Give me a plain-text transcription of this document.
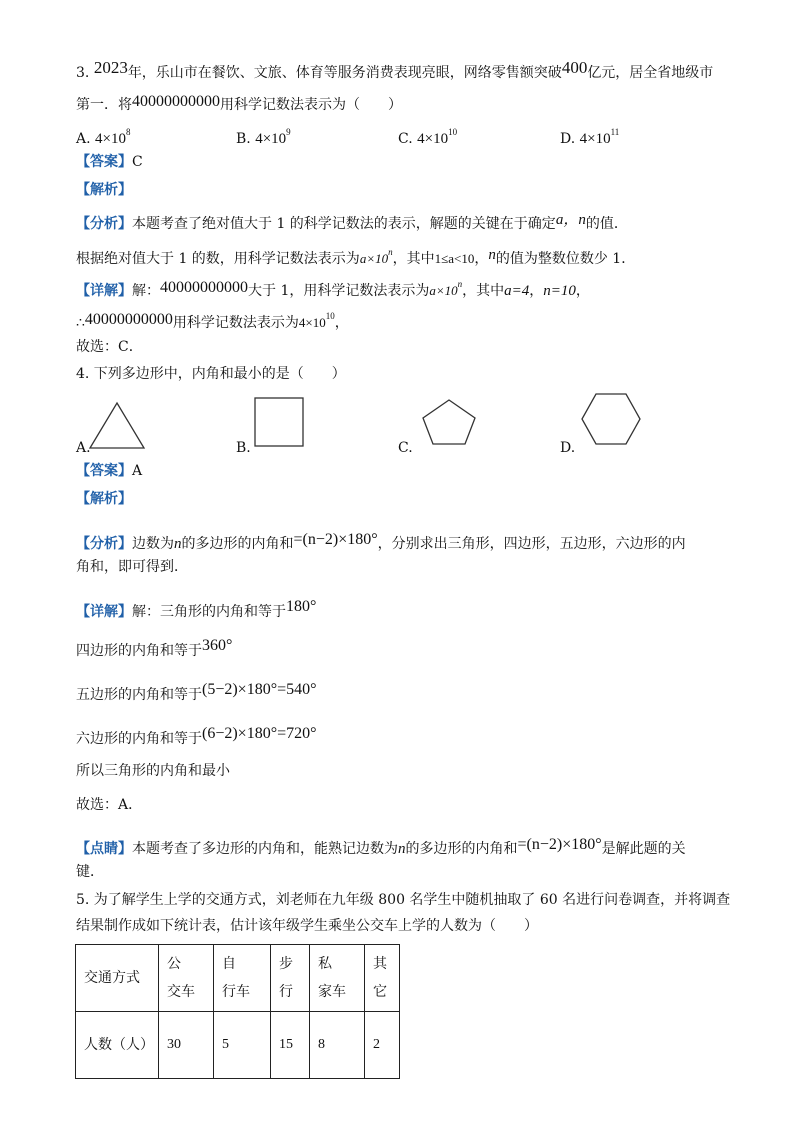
3. 2023年，乐山市在餐饮、文旅、体育等服务消费表现亮眼，网络零售额突破400亿元，居全省地级市
第一．将40000000000用科学记数法表示为（　　）
A. $4\times 10^8$	B. $4\times 10^9$	C. $4\times 10^{10}$	D. $4\times 10^{11}$
【答案】C
【解析】
【分析】本题考查了绝对值大于 1 的科学记数法的表示，解题的关键在于确定a，n的值．
根据绝对值大于 1 的数，用科学记数法表示为$a\times 10^n$，其中1≤a<10，n的值为整数位数少 1．
【详解】解：40000000000大于 1，用科学记数法表示为$a\times 10^n$，其中a=4，n=10，
∴40000000000用科学记数法表示为$4\times 10^{10}$，
故选：C．
4. 下列多边形中，内角和最小的是（　　）
A.	B.	C.	D.
【答案】A
【解析】
【分析】边数为n的多边形的内角和=(n−2)×180°，分别求出三角形，四边形，五边形，六边形的内
角和，即可得到．
【详解】解：三角形的内角和等于180°
四边形的内角和等于360°
五边形的内角和等于(5−2)×180°=540°
六边形的内角和等于(6−2)×180°=720°
所以三角形的内角和最小
故选：A．
【点睛】本题考查了多边形的内角和，能熟记边数为n的多边形的内角和=(n−2)×180°是解此题的关
键．
5. 为了解学生上学的交通方式，刘老师在九年级 800 名学生中随机抽取了 60 名进行问卷调查，并将调查
结果制作成如下统计表，估计该年级学生乘坐公交车上学的人数为（　　）
交通方式	公　交车	自　行车	步行	私　家车	其它
人数（人）	30	5	15	8	2
